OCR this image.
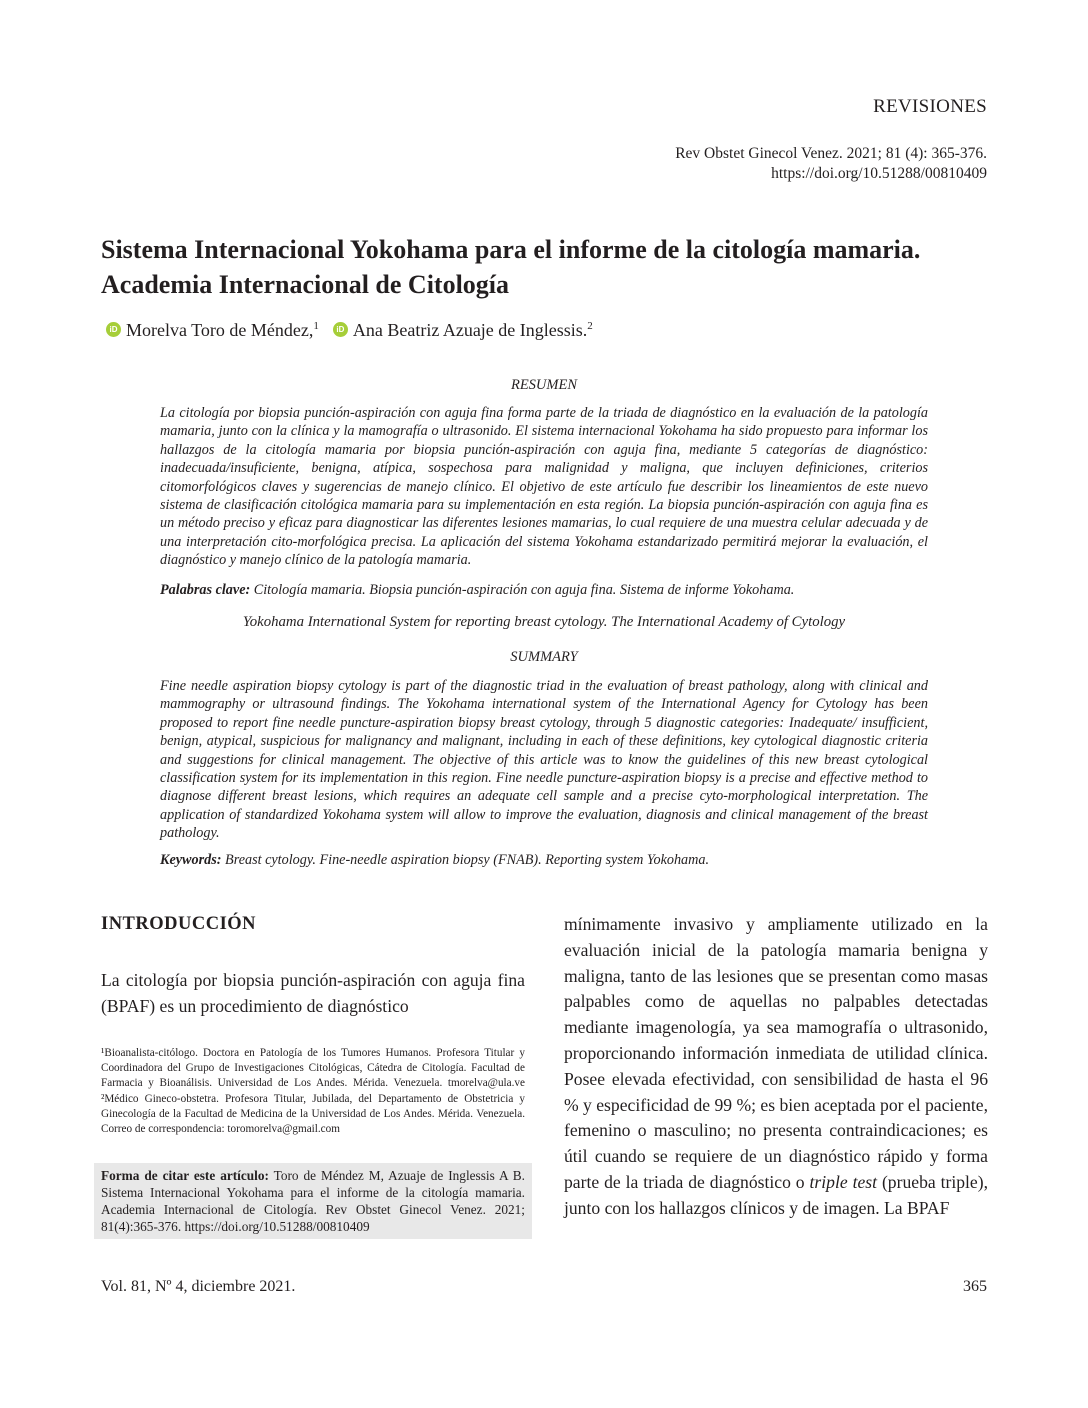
REVISIONES
Rev Obstet Ginecol Venez. 2021; 81 (4): 365-376.
https://doi.org/10.51288/00810409
Sistema Internacional Yokohama para el informe de la citología mamaria. Academia Internacional de Citología
iD Morelva Toro de Méndez,$^1$	iD Ana Beatriz Azuaje de Inglessis.$^2$
RESUMEN
La citología por biopsia punción-aspiración con aguja fina forma parte de la triada de diagnóstico en la evaluación de la patología mamaria, junto con la clínica y la mamografía o ultrasonido. El sistema internacional Yokohama ha sido propuesto para informar los hallazgos de la citología mamaria por biopsia punción-aspiración con aguja fina, mediante 5 categorías de diagnóstico: inadecuada/insuficiente, benigna, atípica, sospechosa para malignidad y maligna, que incluyen definiciones, criterios citomorfológicos claves y sugerencias de manejo clínico. El objetivo de este artículo fue describir los lineamientos de este nuevo sistema de clasificación citológica mamaria para su implementación en esta región. La biopsia punción-aspiración con aguja fina es un método preciso y eficaz para diagnosticar las diferentes lesiones mamarias, lo cual requiere de una muestra celular adecuada y de una interpretación cito-morfológica precisa. La aplicación del sistema Yokohama estandarizado permitirá mejorar la evaluación, el diagnóstico y manejo clínico de la patología mamaria.
Palabras clave: Citología mamaria. Biopsia punción-aspiración con aguja fina. Sistema de informe Yokohama.
Yokohama International System for reporting breast cytology. The International Academy of Cytology
SUMMARY
Fine needle aspiration biopsy cytology is part of the diagnostic triad in the evaluation of breast pathology, along with clinical and mammography or ultrasound findings. The Yokohama international system of the International Agency for Cytology has been proposed to report fine needle puncture-aspiration biopsy breast cytology, through 5 diagnostic categories: Inadequate/ insufficient, benign, atypical, suspicious for malignancy and malignant, including in each of these definitions, key cytological diagnostic criteria and suggestions for clinical management. The objective of this article was to know the guidelines of this new breast cytological classification system for its implementation in this region. Fine needle puncture-aspiration biopsy is a precise and effective method to diagnose different breast lesions, which requires an adequate cell sample and a precise cyto-morphological interpretation. The application of standardized Yokohama system will allow to improve the evaluation, diagnosis and clinical management of the breast pathology.
Keywords: Breast cytology. Fine-needle aspiration biopsy (FNAB). Reporting system Yokohama.
INTRODUCCIÓN
La citología por biopsia punción-aspiración con aguja fina (BPAF) es un procedimiento de diagnóstico
mínimamente invasivo y ampliamente utilizado en la evaluación inicial de la patología mamaria benigna y maligna, tanto de las lesiones que se presentan como masas palpables como de aquellas no palpables detectadas mediante imagenología, ya sea mamografía o ultrasonido, proporcionando información inmediata de utilidad clínica. Posee elevada efectividad, con sensibilidad de hasta el 96 % y especificidad de 99 %; es bien aceptada por el paciente, femenino o masculino; no presenta contraindicaciones; es útil cuando se requiere de un diagnóstico rápido y forma parte de la triada de diagnóstico o triple test (prueba triple), junto con los hallazgos clínicos y de imagen. La BPAF
¹Bioanalista-citólogo. Doctora en Patología de los Tumores Humanos. Profesora Titular y Coordinadora del Grupo de Investigaciones Citológicas, Cátedra de Citología. Facultad de Farmacia y Bioanálisis. Universidad de Los Andes. Mérida. Venezuela. tmorelva@ula.ve ²Médico Gineco-obstetra. Profesora Titular, Jubilada, del Departamento de Obstetricia y Ginecología de la Facultad de Medicina de la Universidad de Los Andes. Mérida. Venezuela. Correo de correspondencia: toromorelva@gmail.com
Forma de citar este artículo: Toro de Méndez M, Azuaje de Inglessis A B. Sistema Internacional Yokohama para el informe de la citología mamaria. Academia Internacional de Citología. Rev Obstet Ginecol Venez. 2021; 81(4):365-376. https://doi.org/10.51288/00810409
Vol. 81, Nº 4, diciembre 2021.	365
